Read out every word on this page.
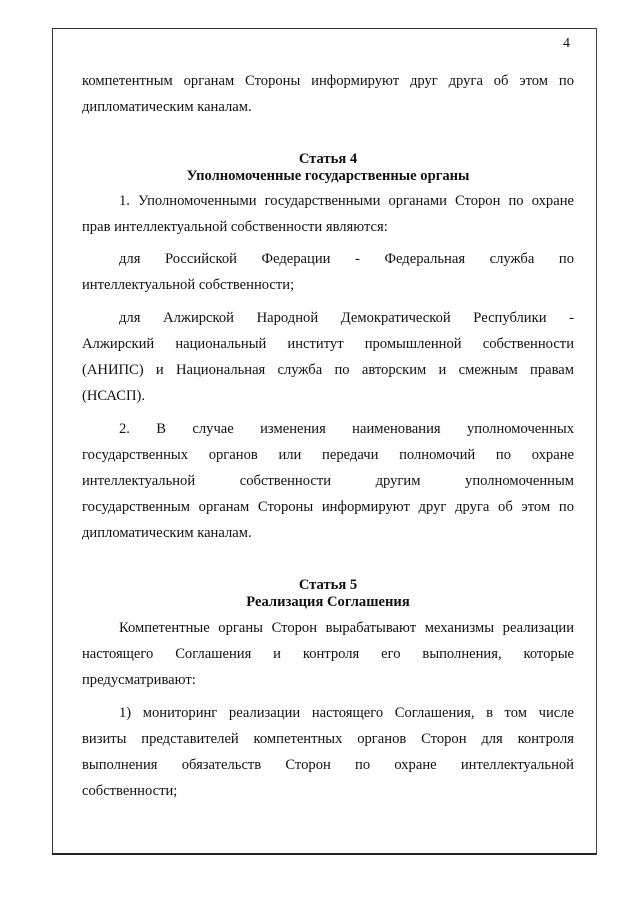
4
компетентным органам Стороны информируют друг друга об этом по
дипломатическим каналам.
Статья 4
Уполномоченные государственные органы
1. Уполномоченными государственными органами Сторон по охране
прав интеллектуальной собственности являются:
для Российской Федерации - Федеральная служба по
интеллектуальной собственности;
для Алжирской Народной Демократической Республики -
Алжирский национальный институт промышленной собственности
(АНИПС) и Национальная служба по авторским и смежным правам
(НСАСП).
2. В случае изменения наименования уполномоченных
государственных органов или передачи полномочий по охране
интеллектуальной собственности другим уполномоченным
государственным органам Стороны информируют друг друга об этом по
дипломатическим каналам.
Статья 5
Реализация Соглашения
Компетентные органы Сторон вырабатывают механизмы реализации
настоящего Соглашения и контроля его выполнения, которые
предусматривают:
1) мониторинг реализации настоящего Соглашения, в том числе
визиты представителей компетентных органов Сторон для контроля
выполнения обязательств Сторон по охране интеллектуальной
собственности;
